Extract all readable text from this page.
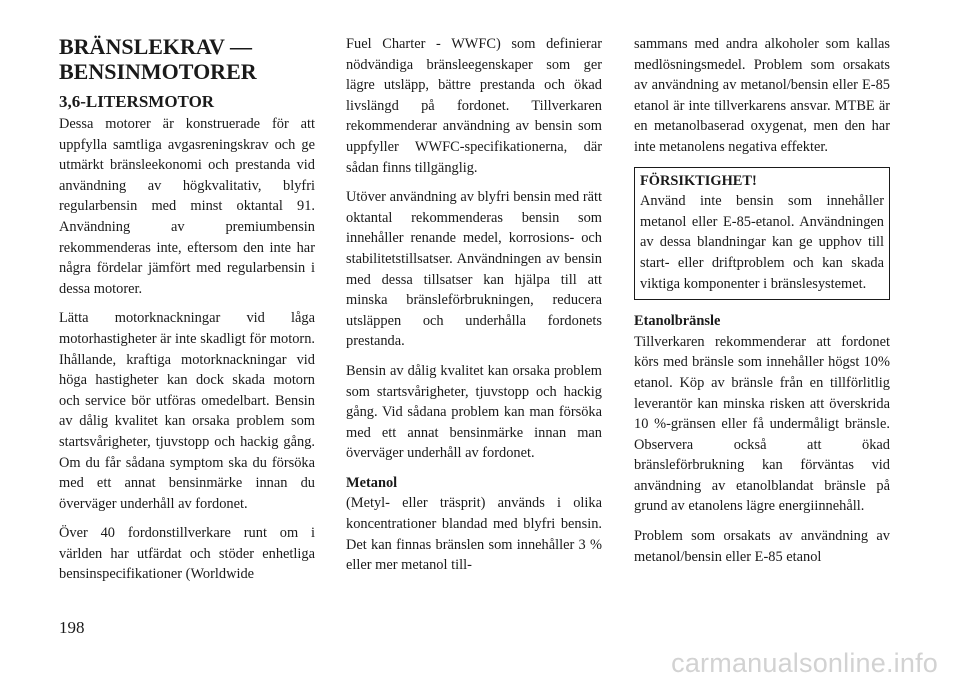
BRÄNSLEKRAV — BENSINMOTORER
3,6-LITERSMOTOR

Dessa motorer är konstruerade för att uppfylla samtliga avgasreningskrav och ge utmärkt bränsleekonomi och prestanda vid användning av högkvalitativ, blyfri regularbensin med minst oktantal 91. Användning av premiumbensin rekommenderas inte, eftersom den inte har några fördelar jämfört med regularbensin i dessa motorer.

Lätta motorknackningar vid låga motorhastigheter är inte skadligt för motorn. Ihållande, kraftiga motorknackningar vid höga hastigheter kan dock skada motorn och service bör utföras omedelbart. Bensin av dålig kvalitet kan orsaka problem som startsvårigheter, tjuvstopp och hackig gång. Om du får sådana symptom ska du försöka med ett annat bensinmärke innan du överväger underhåll av fordonet.

Över 40 fordonstillverkare runt om i världen har utfärdat och stöder enhetliga bensinspecifikationer (Worldwide

Fuel Charter - WWFC) som definierar nödvändiga bränsleegenskaper som ger lägre utsläpp, bättre prestanda och ökad livslängd på fordonet. Tillverkaren rekommenderar användning av bensin som uppfyller WWFC-specifikationerna, där sådan finns tillgänglig.

Utöver användning av blyfri bensin med rätt oktantal rekommenderas bensin som innehåller renande medel, korrosions- och stabilitetstillsatser. Användningen av bensin med dessa tillsatser kan hjälpa till att minska bränsleförbrukningen, reducera utsläppen och underhålla fordonets prestanda.

Bensin av dålig kvalitet kan orsaka problem som startsvårigheter, tjuvstopp och hackig gång. Vid sådana problem kan man försöka med ett annat bensinmärke innan man överväger underhåll av fordonet.

Metanol
(Metyl- eller träsprit) används i olika koncentrationer blandad med blyfri bensin. Det kan finnas bränslen som innehåller 3 % eller mer metanol till-

sammans med andra alkoholer som kallas medlösningsmedel. Problem som orsakats av användning av metanol/bensin eller E-85 etanol är inte tillverkarens ansvar. MTBE är en metanolbaserad oxygenat, men den har inte metanolens negativa effekter.

FÖRSIKTIGHET!
Använd inte bensin som innehåller metanol eller E-85-etanol. Användningen av dessa blandningar kan ge upphov till start- eller driftproblem och kan skada viktiga komponenter i bränslesystemet.

Etanolbränsle
Tillverkaren rekommenderar att fordonet körs med bränsle som innehåller högst 10% etanol. Köp av bränsle från en tillförlitlig leverantör kan minska risken att överskrida 10 %-gränsen eller få undermåligt bränsle. Observera också att ökad bränsleförbrukning kan förväntas vid användning av etanolblandat bränsle på grund av etanolens lägre energiinnehåll.

Problem som orsakats av användning av metanol/bensin eller E-85 etanol

198
carmanualsonline.info
